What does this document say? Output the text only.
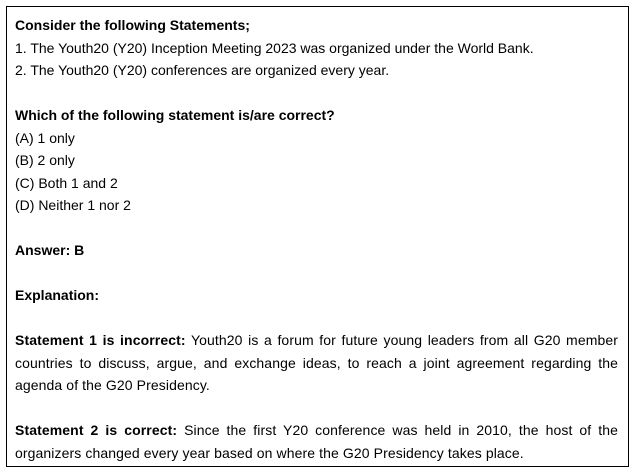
Consider the following Statements;

1. The Youth20 (Y20) Inception Meeting 2023 was organized under the World Bank.

2. The Youth20 (Y20) conferences are organized every year.

Which of the following statement is/are correct?

(A) 1 only

(B) 2 only

(C) Both 1 and 2

(D) Neither 1 nor 2

Answer: B

Explanation:

Statement 1 is incorrect: Youth20 is a forum for future young leaders from all G20 member countries to discuss, argue, and exchange ideas, to reach a joint agreement regarding the agenda of the G20 Presidency.

Statement 2 is correct: Since the first Y20 conference was held in 2010, the host of the organizers changed every year based on where the G20 Presidency takes place.
